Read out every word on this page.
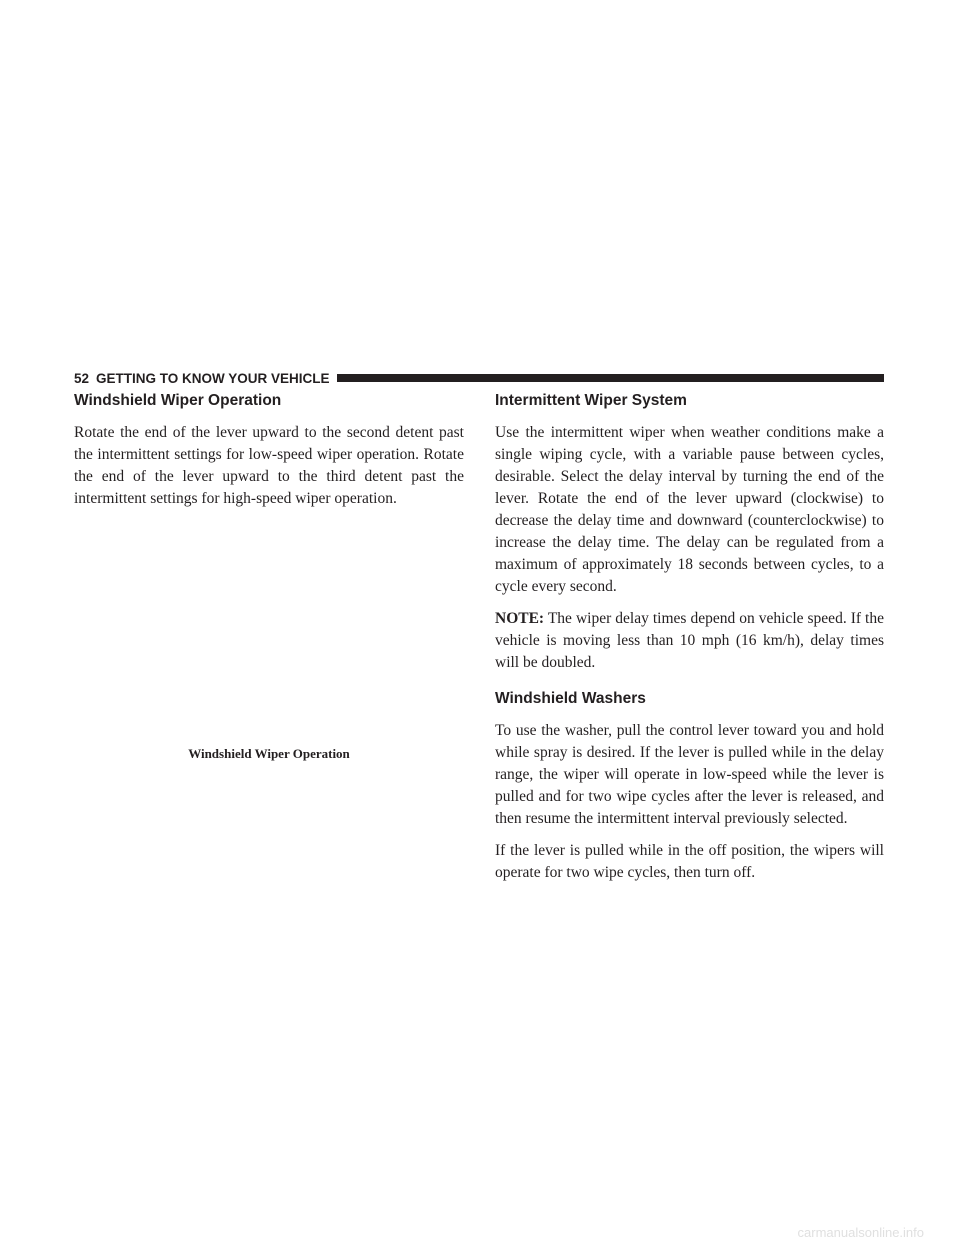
52 GETTING TO KNOW YOUR VEHICLE
Windshield Wiper Operation

Rotate the end of the lever upward to the second detent past the intermittent settings for low-speed wiper operation. Rotate the end of the lever upward to the third detent past the intermittent settings for high-speed wiper operation.

Windshield Wiper Operation
Intermittent Wiper System

Use the intermittent wiper when weather conditions make a single wiping cycle, with a variable pause between cycles, desirable. Select the delay interval by turning the end of the lever. Rotate the end of the lever upward (clockwise) to decrease the delay time and downward (counterclockwise) to increase the delay time. The delay can be regulated from a maximum of approximately 18 seconds between cycles, to a cycle every second.

NOTE: The wiper delay times depend on vehicle speed. If the vehicle is moving less than 10 mph (16 km/h), delay times will be doubled.

Windshield Washers

To use the washer, pull the control lever toward you and hold while spray is desired. If the lever is pulled while in the delay range, the wiper will operate in low-speed while the lever is pulled and for two wipe cycles after the lever is released, and then resume the intermittent interval previously selected.

If the lever is pulled while in the off position, the wipers will operate for two wipe cycles, then turn off.

carmanualsonline.info
